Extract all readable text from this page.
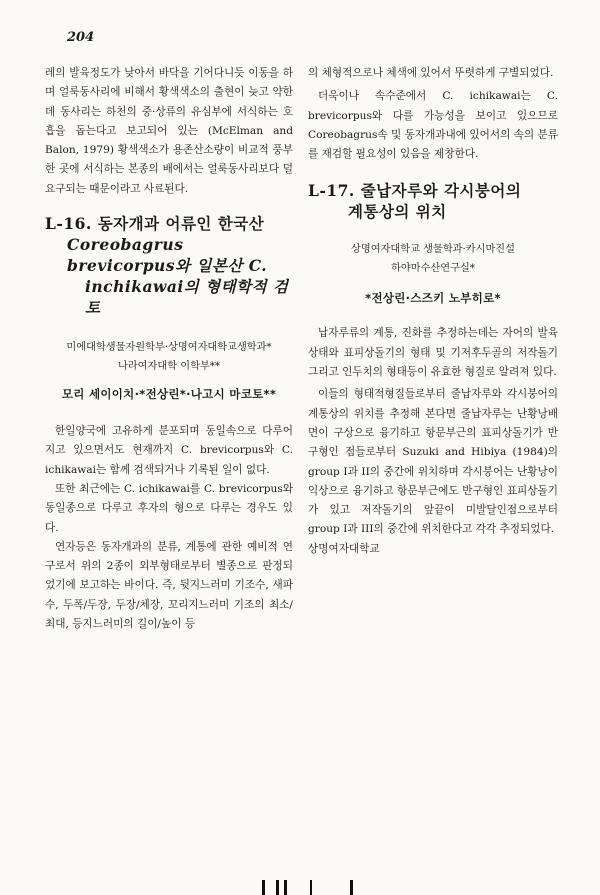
204

레의 발육정도가 낮아서 바닥을 기어다니듯 이동을 하며 얼룩동사리에 비해서 황색색소의 출현이 늦고 약한데 동사리는 하천의 중·상류의 유심부에 서식하는 호흡을 돕는다고 보고되어 있는 (McElman and Balon, 1979) 황색색소가 용존산소량이 비교적 풍부한 곳에 서식하는 본종의 배에서는 얼룩동사리보다 덜 요구되는 때문이라고 사료된다.

L-16. 동자개과 어류인 한국산
Coreobagrus brevicorpus와 일본산 C.
inchikawai의 형태학적 검토

미에대학생물자원학부·상명여자대학교생학과*

나라여자대학 이학부**

모리 세이이치·*전상린*·나고시 마코토**

한일양국에 고유하게 분포되며 동일속으로 다루어지고 있으면서도 현재까지 C. brevicorpus와 C. ichikawai는 함께 검색되거나 기록된 일이 없다.

또한 최근에는 C. ichikawai를 C. brevicorpus와 동일종으로 다루고 후자의 형으로 다루는 경우도 있다.

연자등은 동자개과의 분류, 계통에 관한 예비적 연구로서 위의 2종이 외부형태로부터 별종으로 판정되었기에 보고하는 바이다. 즉, 뒷지느러미 기조수, 새파수, 두폭/두장, 두장/체장, 꼬리지느러미 기조의 최소/최대, 등지느러미의 길이/높이 등

의 체형적으로나 체색에 있어서 뚜렷하게 구별되었다.

더욱이나 속수준에서 C. ichikawai는 C. brevicorpus와 다를 가능성을 보이고 있으므로 Coreobagrus속 및 동자개과내에 있어서의 속의 분류를 재검할 필요성이 있음을 제창한다.

L-17. 줄납자루와 각시붕어의
계통상의 위치

상명여자대학교 생물학과·카시마진설

하야마수산연구실*

*전상린·스즈키 노부히로*

납자루류의 계통, 진화를 추정하는데는 자어의 발육상태와 표피상돌기의 형태 및 기저후두골의 저작돌기 그리고 인두치의 형태등이 유효한 형질로 알려져 있다.

이들의 형태적형질들로부터 줄납자루와 각시붕어의 계통상의 위치를 추정해 본다면 줄납자루는 난황낭배면이 구상으로 융기하고 항문부근의 표피상돌기가 반구형인 점들로부터 Suzuki and Hibiya (1984)의 group I과 II의 중간에 위치하며 각시붕어는 난황낭이 익상으로 융기하고 항문부근에도 반구형인 표피상돌기가 있고 저작돌기의 앞끝이 미발달인점으로부터 group I과 III의 중간에 위치한다고 각각 추정되었다.

상명여자대학교
